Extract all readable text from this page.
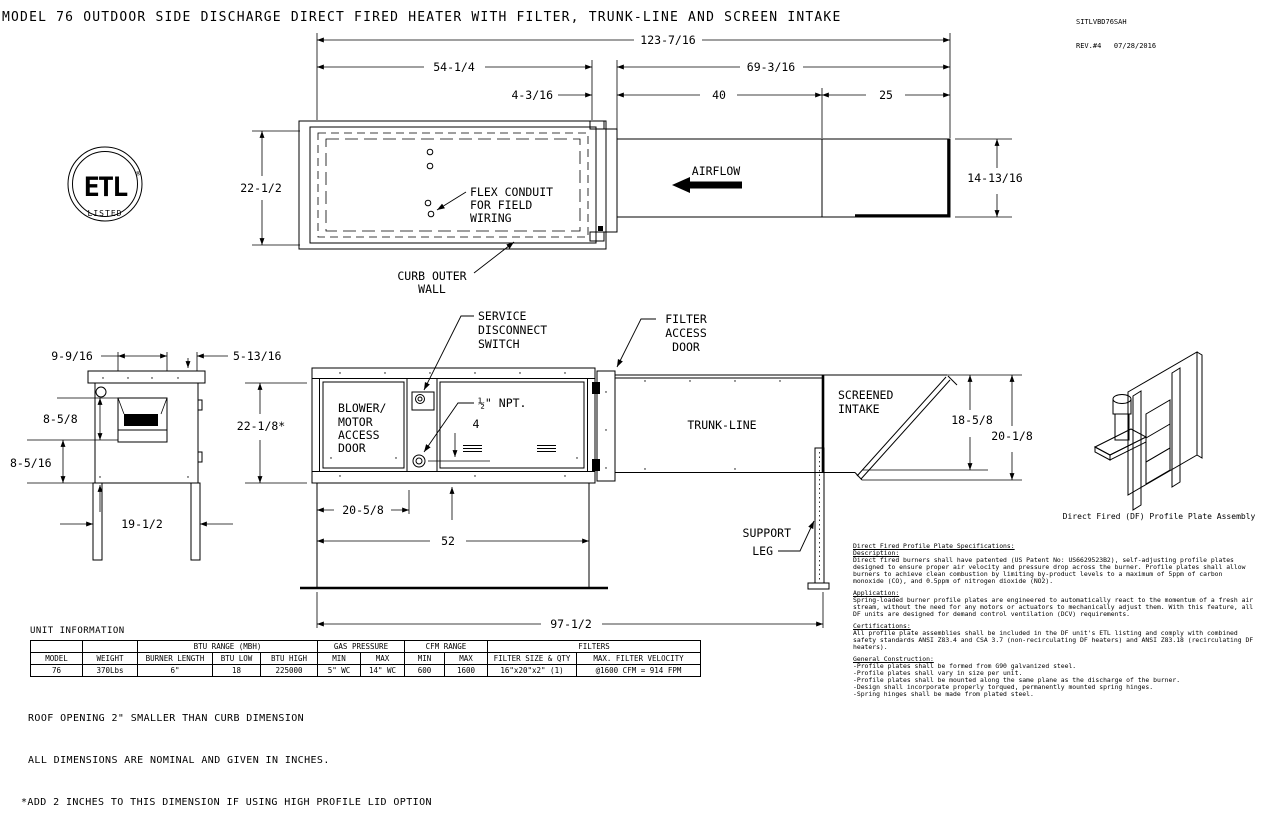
ETL
LISTED
®
123-7/16
54-1/4	69-3/16
4-3/16	40	25
AIRFLOW
FLEX CONDUIT
FOR FIELD
WIRING
CURB OUTER
WALL
22-1/2
14-13/16
9-9/16	5-13/16
8-5/8
8-5/16
19-1/2
22-1/8*
BLOWER/
MOTOR
ACCESS
DOOR
SERVICE
DISCONNECT
SWITCH
½" NPT.
4
FILTER
ACCESS
DOOR
TRUNK-LINE
SCREENED
INTAKE
18-5/8
20-1/8
SUPPORT
LEG
20-5/8
52
97-1/2
Direct Fired (DF) Profile Plate Assembly
MODEL 76 OUTDOOR SIDE DISCHARGE DIRECT FIRED HEATER WITH FILTER, TRUNK-LINE AND SCREEN INTAKE

	SITLVBD76SAH

REV.#4   07/28/2016

Direct Fired Profile Plate Specifications:
Description:
Direct fired burners shall have patented (US Patent No: US6629523B2), self-adjusting profile plates designed to ensure proper air velocity and pressure drop across the burner. Profile plates shall allow burners to achieve clean combustion by limiting by-product levels to a maximum of 5ppm of carbon monoxide (CO), and 0.5ppm of nitrogen dioxide (NO2).
Application:
Spring-loaded burner profile plates are engineered to automatically react to the momentum of a fresh air stream, without the need for any motors or actuators to mechanically adjust them. With this feature, all DF units are designed for demand control ventilation (DCV) requirements.
Certifications:
All profile plate assemblies shall be included in the DF unit's ETL listing and comply with combined safety standards ANSI Z83.4 and CSA 3.7 (non-recirculating DF heaters) and ANSI Z83.18 (recirculating DF heaters).
General Construction:
-Profile plates shall be formed from G90 galvanized steel.
-Profile plates shall vary in size per unit.
-Profile plates shall be mounted along the same plane as the discharge of the burner.
-Design shall incorporate properly torqued, permanently mounted spring hinges.
-Spring hinges shall be made from plated steel.
UNIT INFORMATION
		BTU RANGE (MBH)			GAS PRESSURE		CFM RANGE		FILTERS	
MODEL	WEIGHT	BURNER LENGTH	BTU LOW	BTU HIGH	MIN	MAX	MIN	MAX	FILTER SIZE & QTY	MAX. FILTER VELOCITY
76	370Lbs	6"	18	225000	5" WC	14" WC	600	1600	16"x20"x2" (1)	@1600 CFM = 914 FPM

ROOF OPENING 2" SMALLER THAN CURB DIMENSION

ALL DIMENSIONS ARE NOMINAL AND GIVEN IN INCHES.

*ADD 2 INCHES TO THIS DIMENSION IF USING HIGH PROFILE LID OPTION
